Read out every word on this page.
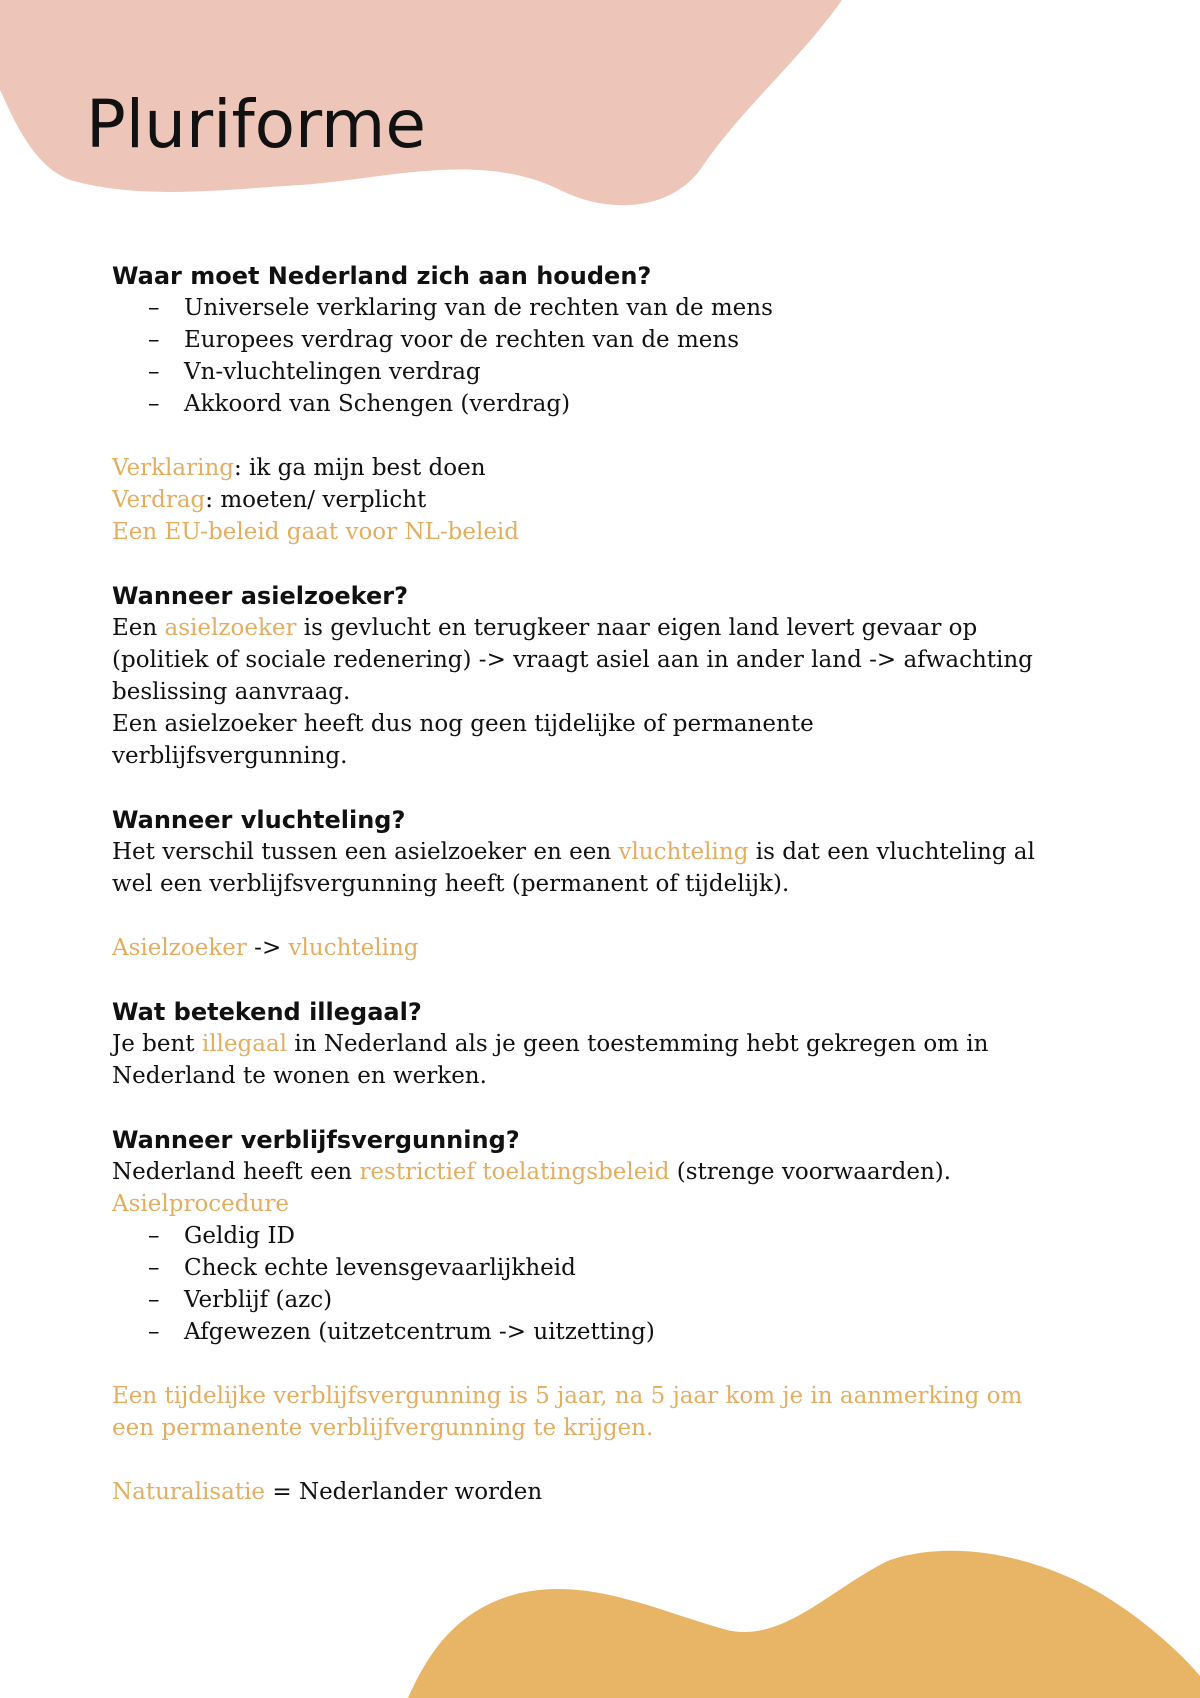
Pluriforme
Waar moet Nederland zich aan houden?
– Universele verklaring van de rechten van de mens
– Europees verdrag voor de rechten van de mens
– Vn-vluchtelingen verdrag
– Akkoord van Schengen (verdrag)

Verklaring: ik ga mijn best doen

Verdrag: moeten/ verplicht

Een EU-beleid gaat voor NL-beleid

Wanneer asielzoeker?

Een asielzoeker is gevlucht en terugkeer naar eigen land levert gevaar op (politiek of sociale redenering) -> vraagt asiel aan in ander land -> afwachting beslissing aanvraag.

Een asielzoeker heeft dus nog geen tijdelijke of permanente verblijfsvergunning.

Wanneer vluchteling?

Het verschil tussen een asielzoeker en een vluchteling is dat een vluchteling al wel een verblijfsvergunning heeft (permanent of tijdelijk).

Asielzoeker -> vluchteling

Wat betekend illegaal?

Je bent illegaal in Nederland als je geen toestemming hebt gekregen om in Nederland te wonen en werken.

Wanneer verblijfsvergunning?

Nederland heeft een restrictief toelatingsbeleid (strenge voorwaarden).

Asielprocedure

– Geldig ID
– Check echte levensgevaarlijkheid
– Verblijf (azc)
– Afgewezen (uitzetcentrum -> uitzetting)

Een tijdelijke verblijfsvergunning is 5 jaar, na 5 jaar kom je in aanmerking om een permanente verblijfvergunning te krijgen.

Naturalisatie = Nederlander worden
